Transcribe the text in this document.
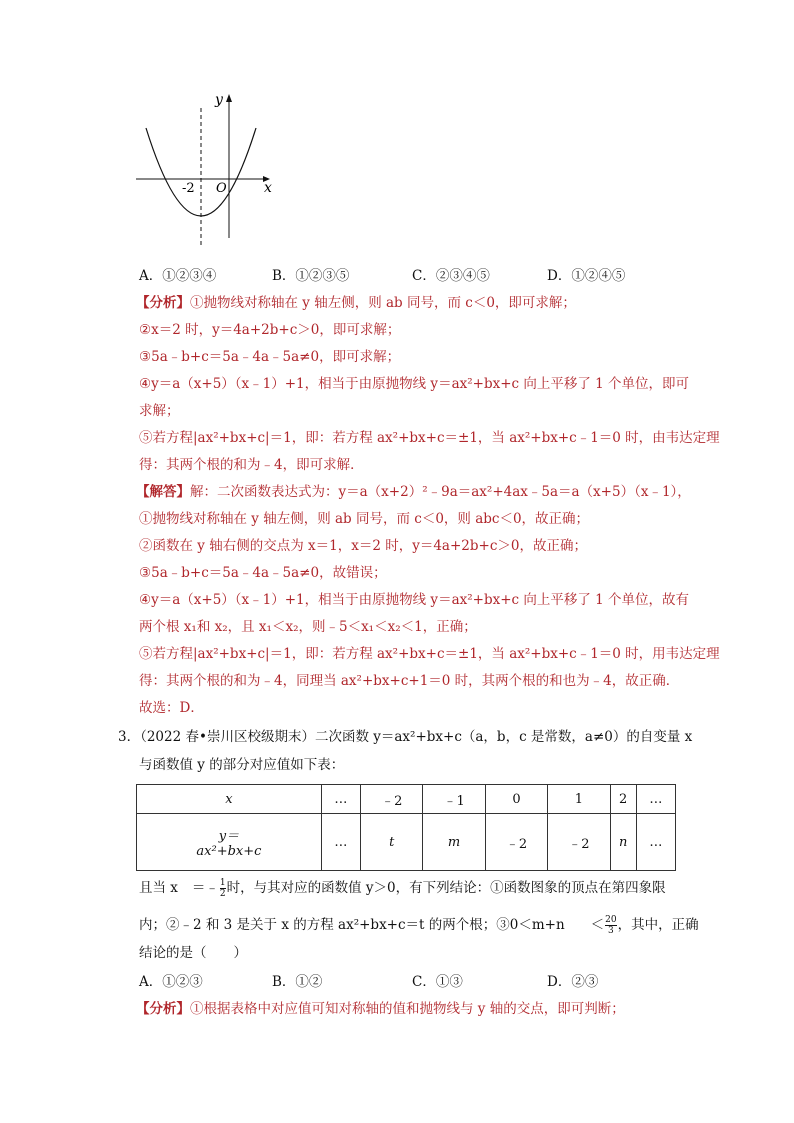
y
x
O
-2
A．①②③④	B．①②③⑤	C．②③④⑤	D．①②④⑤
【分析】①抛物线对称轴在 y 轴左侧，则 ab 同号，而 c＜0，即可求解；
②x＝2 时，y＝4a+2b+c＞0，即可求解；
③5a﹣b+c＝5a﹣4a﹣5a≠0，即可求解；
④y＝a（x+5）（x﹣1）+1，相当于由原抛物线 y＝ax²+bx+c 向上平移了 1 个单位，即可
求解；
⑤若方程|ax²+bx+c|＝1，即：若方程 ax²+bx+c＝±1，当 ax²+bx+c﹣1＝0 时，由韦达定理
得：其两个根的和为﹣4，即可求解．
【解答】解：二次函数表达式为：y＝a（x+2）²﹣9a＝ax²+4ax﹣5a＝a（x+5）（x﹣1），
①抛物线对称轴在 y 轴左侧，则 ab 同号，而 c＜0，则 abc＜0，故正确；
②函数在 y 轴右侧的交点为 x＝1，x＝2 时，y＝4a+2b+c＞0，故正确；
③5a﹣b+c＝5a﹣4a﹣5a≠0，故错误；
④y＝a（x+5）（x﹣1）+1，相当于由原抛物线 y＝ax²+bx+c 向上平移了 1 个单位，故有
两个根 x₁和 x₂，且 x₁＜x₂，则﹣5＜x₁＜x₂＜1，正确；
⑤若方程|ax²+bx+c|＝1，即：若方程 ax²+bx+c＝±1，当 ax²+bx+c﹣1＝0 时，用韦达定理
得：其两个根的和为﹣4，同理当 ax²+bx+c+1＝0 时，其两个根的和也为﹣4，故正确．
故选：D．
3．（2022 春•崇川区校级期末）二次函数 y＝ax²+bx+c（a，b，c 是常数，a≠0）的自变量 x
与函数值 y 的部分对应值如下表：
x	…	﹣2	﹣1	0	1	2	…

y＝
ax²+bx+c	…	t	m	﹣2	﹣2	n	…
且当 x ＝﹣ $\frac{1}{2}$ 时，与其对应的函数值 y＞0，有下列结论：①函数图象的顶点在第四象限
内；②﹣2 和 3 是关于 x 的方程 ax²+bx+c＝t 的两个根；③0＜m+n ＜ $\frac{20}{3}$ ，其中，正确
结论的是（　　）
A．①②③	B．①②	C．①③	D．②③
【分析】①根据表格中对应值可知对称轴的值和抛物线与 y 轴的交点，即可判断；
